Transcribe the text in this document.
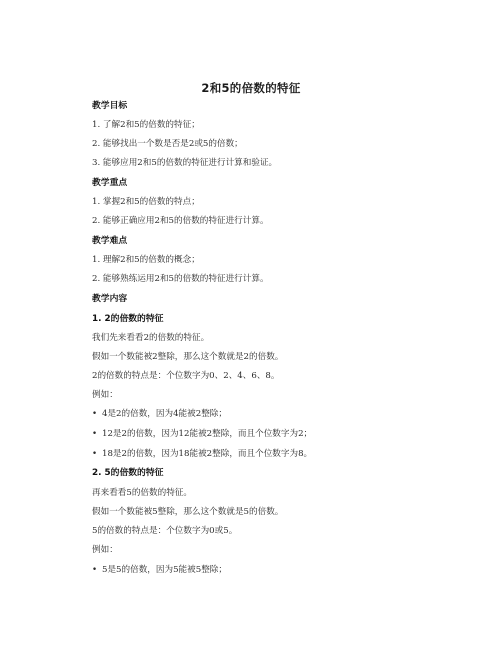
2和5的倍数的特征
教学目标
1. 了解2和5的倍数的特征；
2. 能够找出一个数是否是2或5的倍数；
3. 能够应用2和5的倍数的特征进行计算和验证。
教学重点
1. 掌握2和5的倍数的特点；
2. 能够正确应用2和5的倍数的特征进行计算。
教学难点
1. 理解2和5的倍数的概念；
2. 能够熟练运用2和5的倍数的特征进行计算。
教学内容
1. 2的倍数的特征
我们先来看看2的倍数的特征。
假如一个数能被2整除，那么这个数就是2的倍数。
2的倍数的特点是：个位数字为0、2、4、6、8。
例如：
• 4是2的倍数，因为4能被2整除；
• 12是2的倍数，因为12能被2整除，而且个位数字为2；
• 18是2的倍数，因为18能被2整除，而且个位数字为8。
2. 5的倍数的特征
再来看看5的倍数的特征。
假如一个数能被5整除，那么这个数就是5的倍数。
5的倍数的特点是：个位数字为0或5。
例如：
• 5是5的倍数，因为5能被5整除；
